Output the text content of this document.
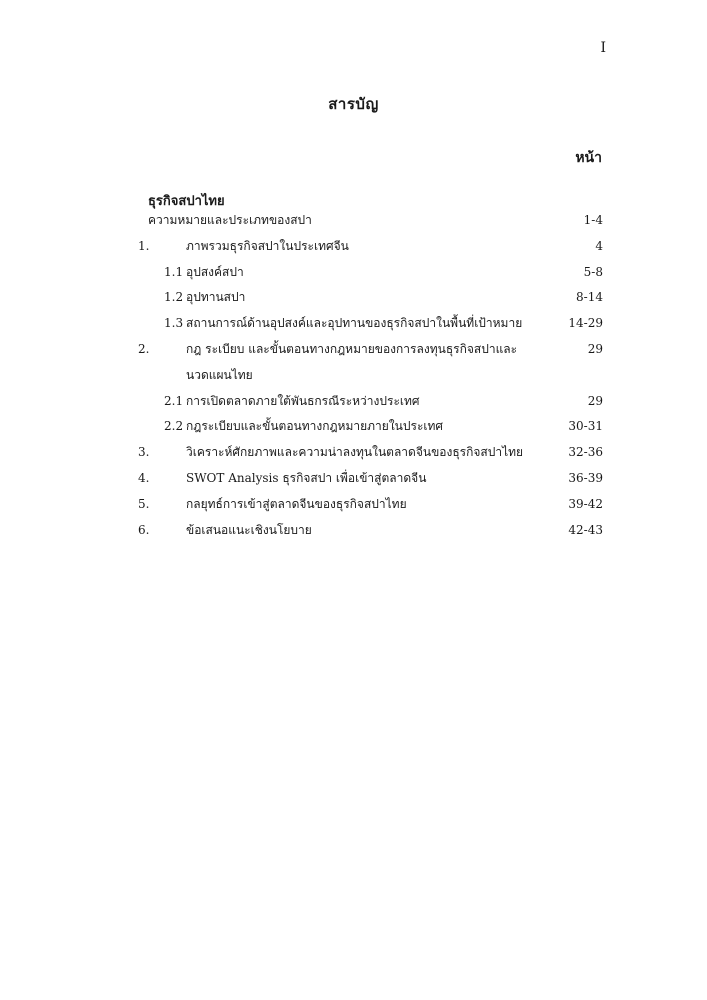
I
สารบัญ
หน้า
ธุรกิจสปาไทย
ความหมายและประเภทของสปา	1-4
1.	ภาพรวมธุรกิจสปาในประเทศจีน	4
1.1 อุปสงค์สปา	5-8
1.2 อุปทานสปา	8-14
1.3 สถานการณ์ด้านอุปสงค์และอุปทานของธุรกิจสปาในพื้นที่เป้าหมาย	14-29
2.	กฎ ระเบียบ และขั้นตอนทางกฎหมายของการลงทุนธุรกิจสปาและ	29
นวดแผนไทย
2.1 การเปิดตลาดภายใต้พันธกรณีระหว่างประเทศ	29
2.2 กฎระเบียบและขั้นตอนทางกฎหมายภายในประเทศ	30-31
3.	วิเคราะห์ศักยภาพและความน่าลงทุนในตลาดจีนของธุรกิจสปาไทย	32-36
4.	SWOT Analysis ธุรกิจสปา เพื่อเข้าสู่ตลาดจีน	36-39
5.	กลยุทธ์การเข้าสู่ตลาดจีนของธุรกิจสปาไทย	39-42
6.	ข้อเสนอแนะเชิงนโยบาย	42-43
